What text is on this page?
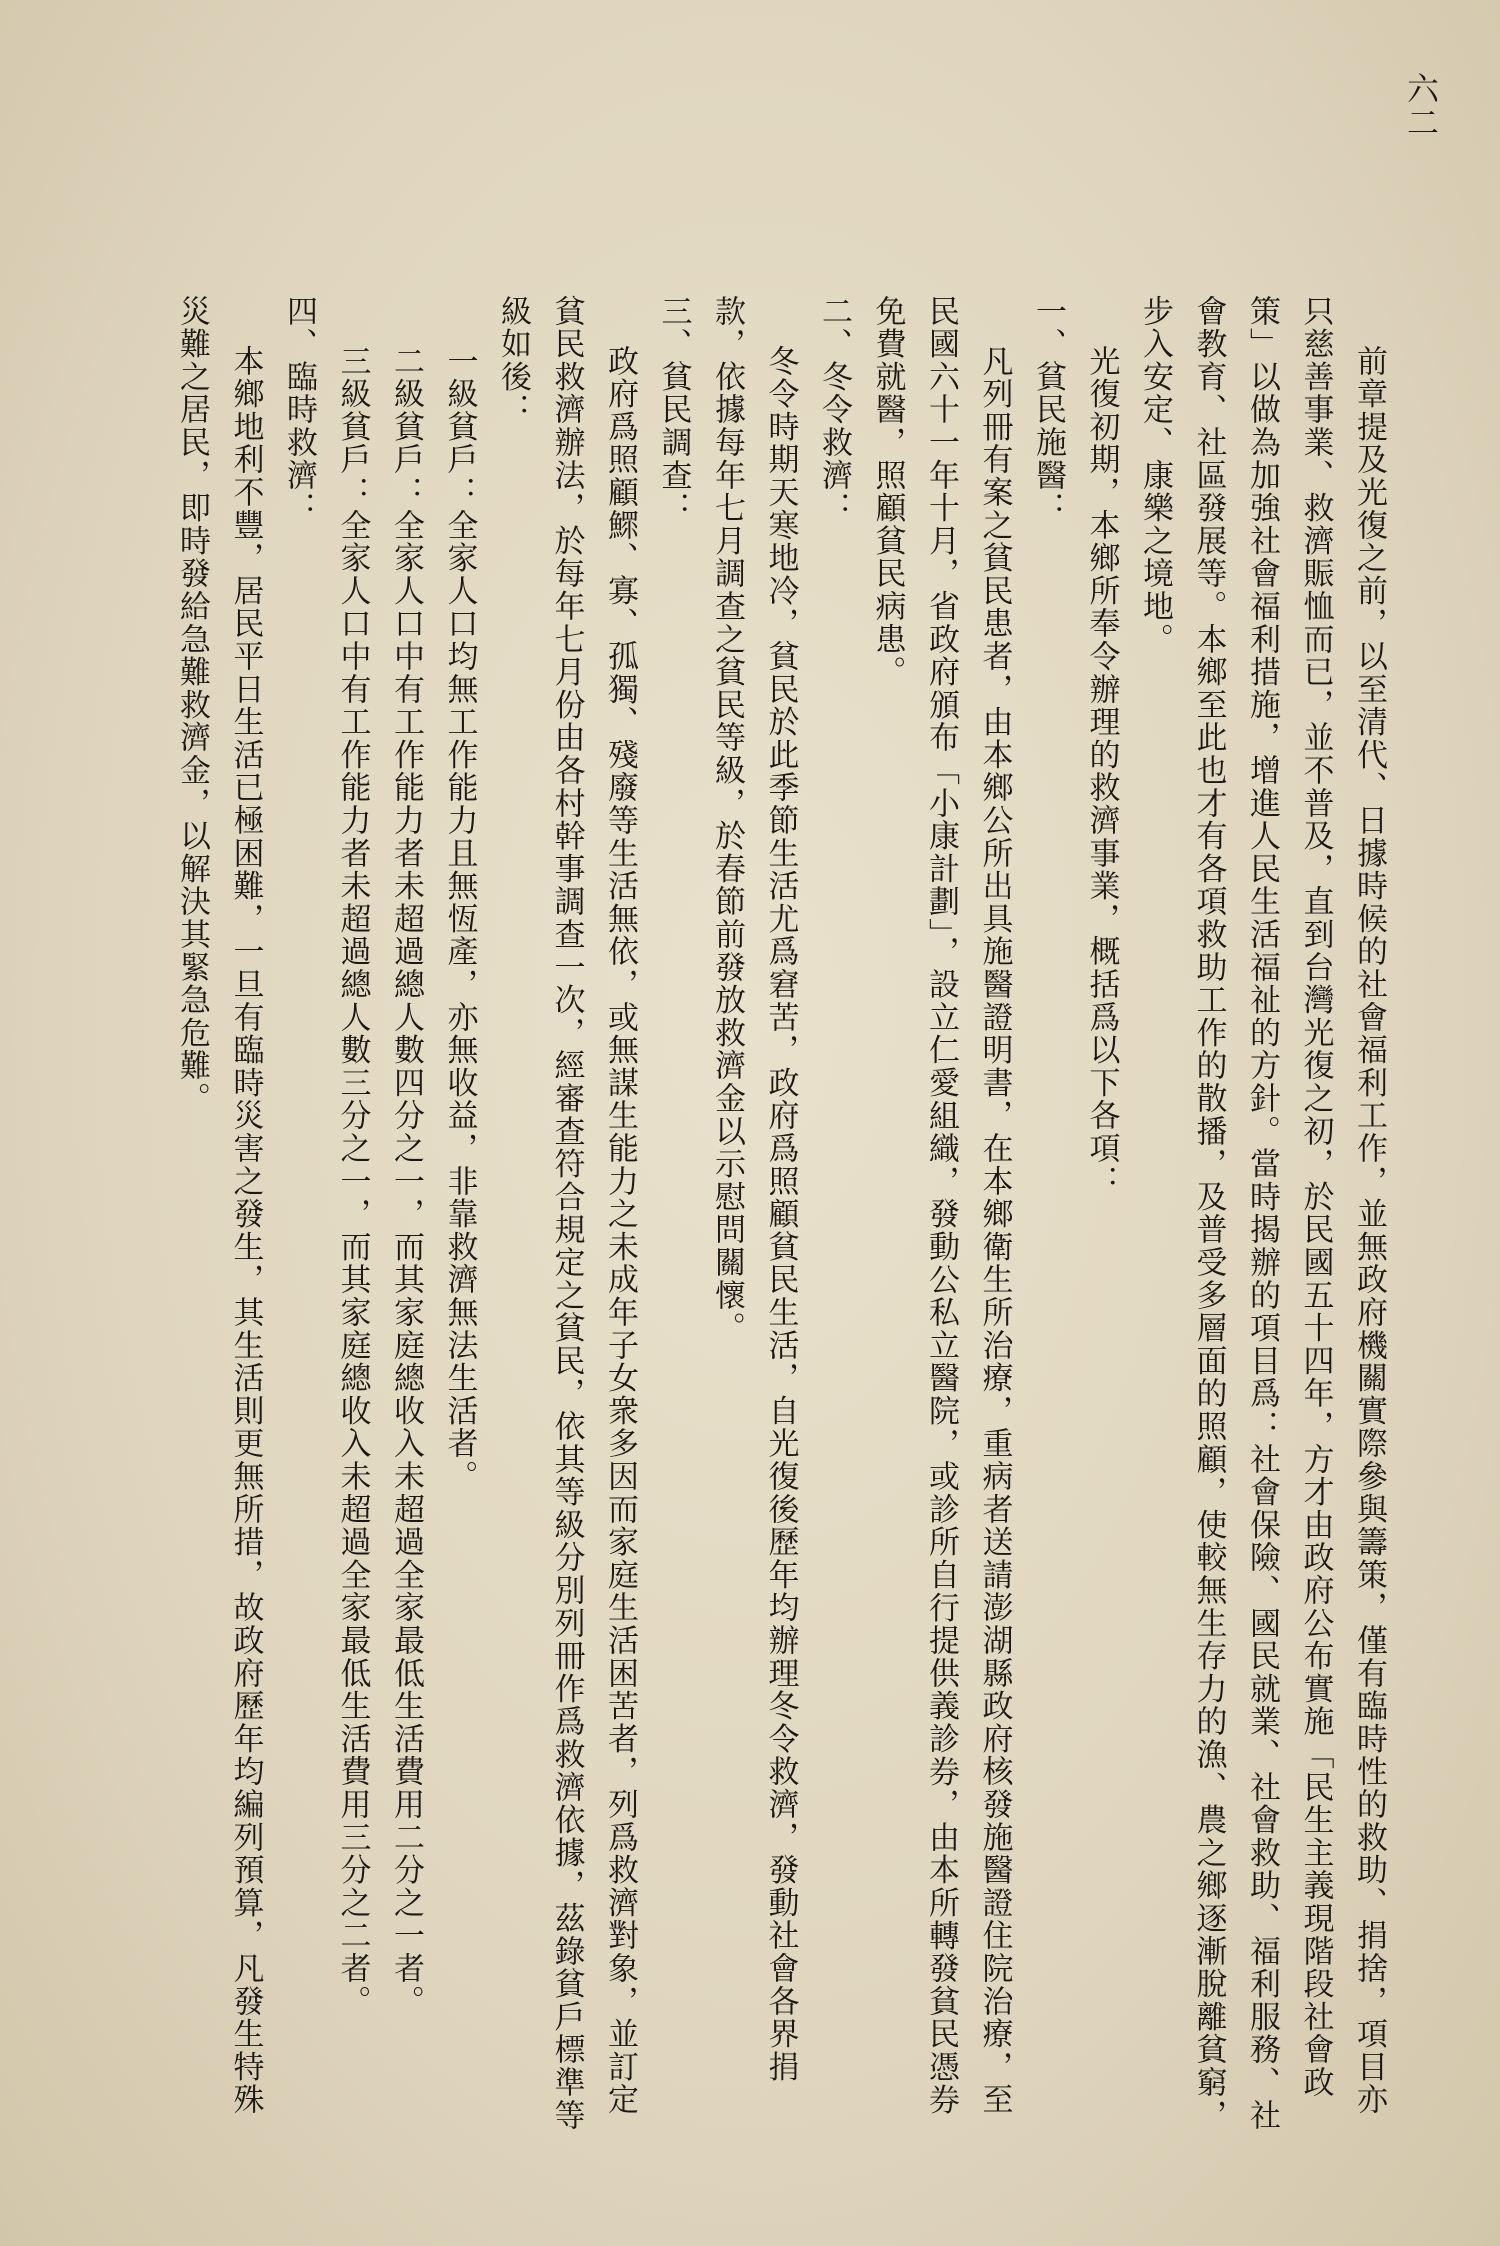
六二

前章提及光復之前，以至清代、日據時候的社會福利工作，並無政府機關實際參與籌策，僅有臨時性的救助、捐捨，項目亦只慈善事業、救濟賑恤而已，並不普及，直到台灣光復之初，於民國五十四年，方才由政府公布實施「民生主義現階段社會政策」以做為加強社會福利措施，增進人民生活福祉的方針。當時揭辦的項目爲：社會保險、國民就業、社會救助、福利服務、社會教育、社區發展等。本鄉至此也才有各項救助工作的散播，及普受多層面的照顧，使較無生存力的漁、農之鄉逐漸脫離貧窮，步入安定、康樂之境地。

光復初期，本鄉所奉令辦理的救濟事業，概括爲以下各項：

一、貧民施醫：

凡列冊有案之貧民患者，由本鄉公所出具施醫證明書，在本鄉衛生所治療，重病者送請澎湖縣政府核發施醫證住院治療，至民國六十一年十月，省政府頒布「小康計劃」，設立仁愛組織，發動公私立醫院，或診所自行提供義診券，由本所轉發貧民憑券免費就醫，照顧貧民病患。

二、冬令救濟：

冬令時期天寒地冷，貧民於此季節生活尤爲窘苦，政府爲照顧貧民生活，自光復後歷年均辦理冬令救濟，發動社會各界捐款，依據每年七月調查之貧民等級，於春節前發放救濟金以示慰問關懷。

三、貧民調查：

政府爲照顧鰥、寡、孤獨、殘廢等生活無依，或無謀生能力之未成年子女衆多因而家庭生活困苦者，列爲救濟對象，並訂定貧民救濟辦法，於每年七月份由各村幹事調查一次，經審查符合規定之貧民，依其等級分別列冊作爲救濟依據，茲錄貧戶標準等級如後：

一級貧戶：全家人口均無工作能力且無恆產，亦無收益，非靠救濟無法生活者。

二級貧戶：全家人口中有工作能力者未超過總人數四分之一，而其家庭總收入未超過全家最低生活費用二分之一者。

三級貧戶：全家人口中有工作能力者未超過總人數三分之一，而其家庭總收入未超過全家最低生活費用三分之二者。

四、臨時救濟：

本鄉地利不豐，居民平日生活已極困難，一旦有臨時災害之發生，其生活則更無所措，故政府歷年均編列預算，凡發生特殊災難之居民，即時發給急難救濟金，以解決其緊急危難。
